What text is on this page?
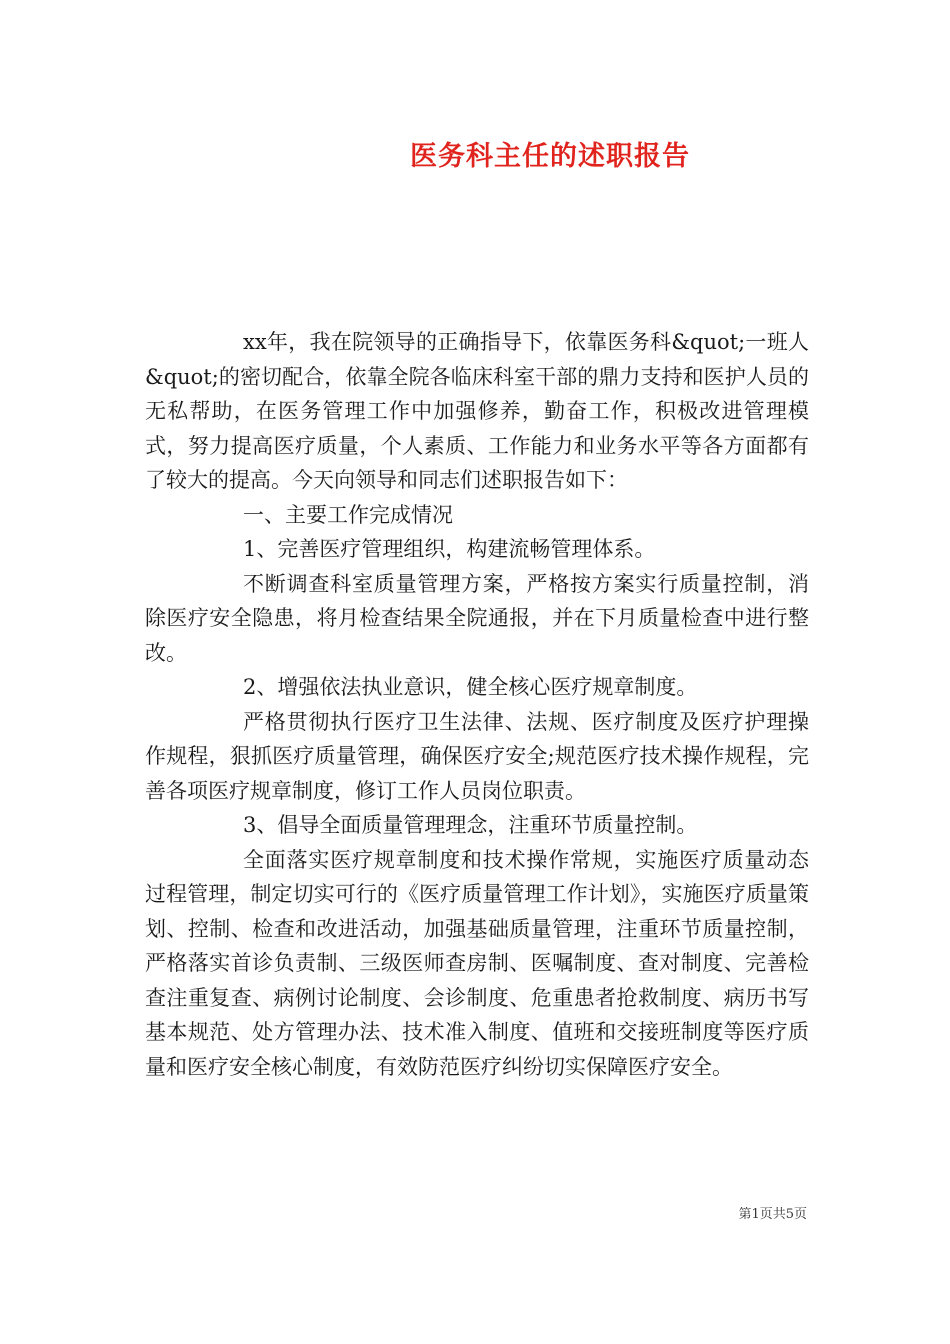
医务科主任的述职报告

xx年，我在院领导的正确指导下，依靠医务科&quot;一班人&quot;的密切配合，依靠全院各临床科室干部的鼎力支持和医护人员的无私帮助，在医务管理工作中加强修养，勤奋工作，积极改进管理模式，努力提高医疗质量，个人素质、工作能力和业务水平等各方面都有了较大的提高。今天向领导和同志们述职报告如下：

一、主要工作完成情况

1、完善医疗管理组织，构建流畅管理体系。

不断调查科室质量管理方案，严格按方案实行质量控制，消除医疗安全隐患，将月检查结果全院通报，并在下月质量检查中进行整改。

2、增强依法执业意识，健全核心医疗规章制度。

严格贯彻执行医疗卫生法律、法规、医疗制度及医疗护理操作规程，狠抓医疗质量管理，确保医疗安全;规范医疗技术操作规程，完善各项医疗规章制度，修订工作人员岗位职责。

3、倡导全面质量管理理念，注重环节质量控制。

全面落实医疗规章制度和技术操作常规，实施医疗质量动态过程管理，制定切实可行的《医疗质量管理工作计划》，实施医疗质量策划、控制、检查和改进活动，加强基础质量管理，注重环节质量控制，严格落实首诊负责制、三级医师查房制、医嘱制度、查对制度、完善检查注重复查、病例讨论制度、会诊制度、危重患者抢救制度、病历书写基本规范、处方管理办法、技术准入制度、值班和交接班制度等医疗质量和医疗安全核心制度，有效防范医疗纠纷切实保障医疗安全。

第1页共5页
